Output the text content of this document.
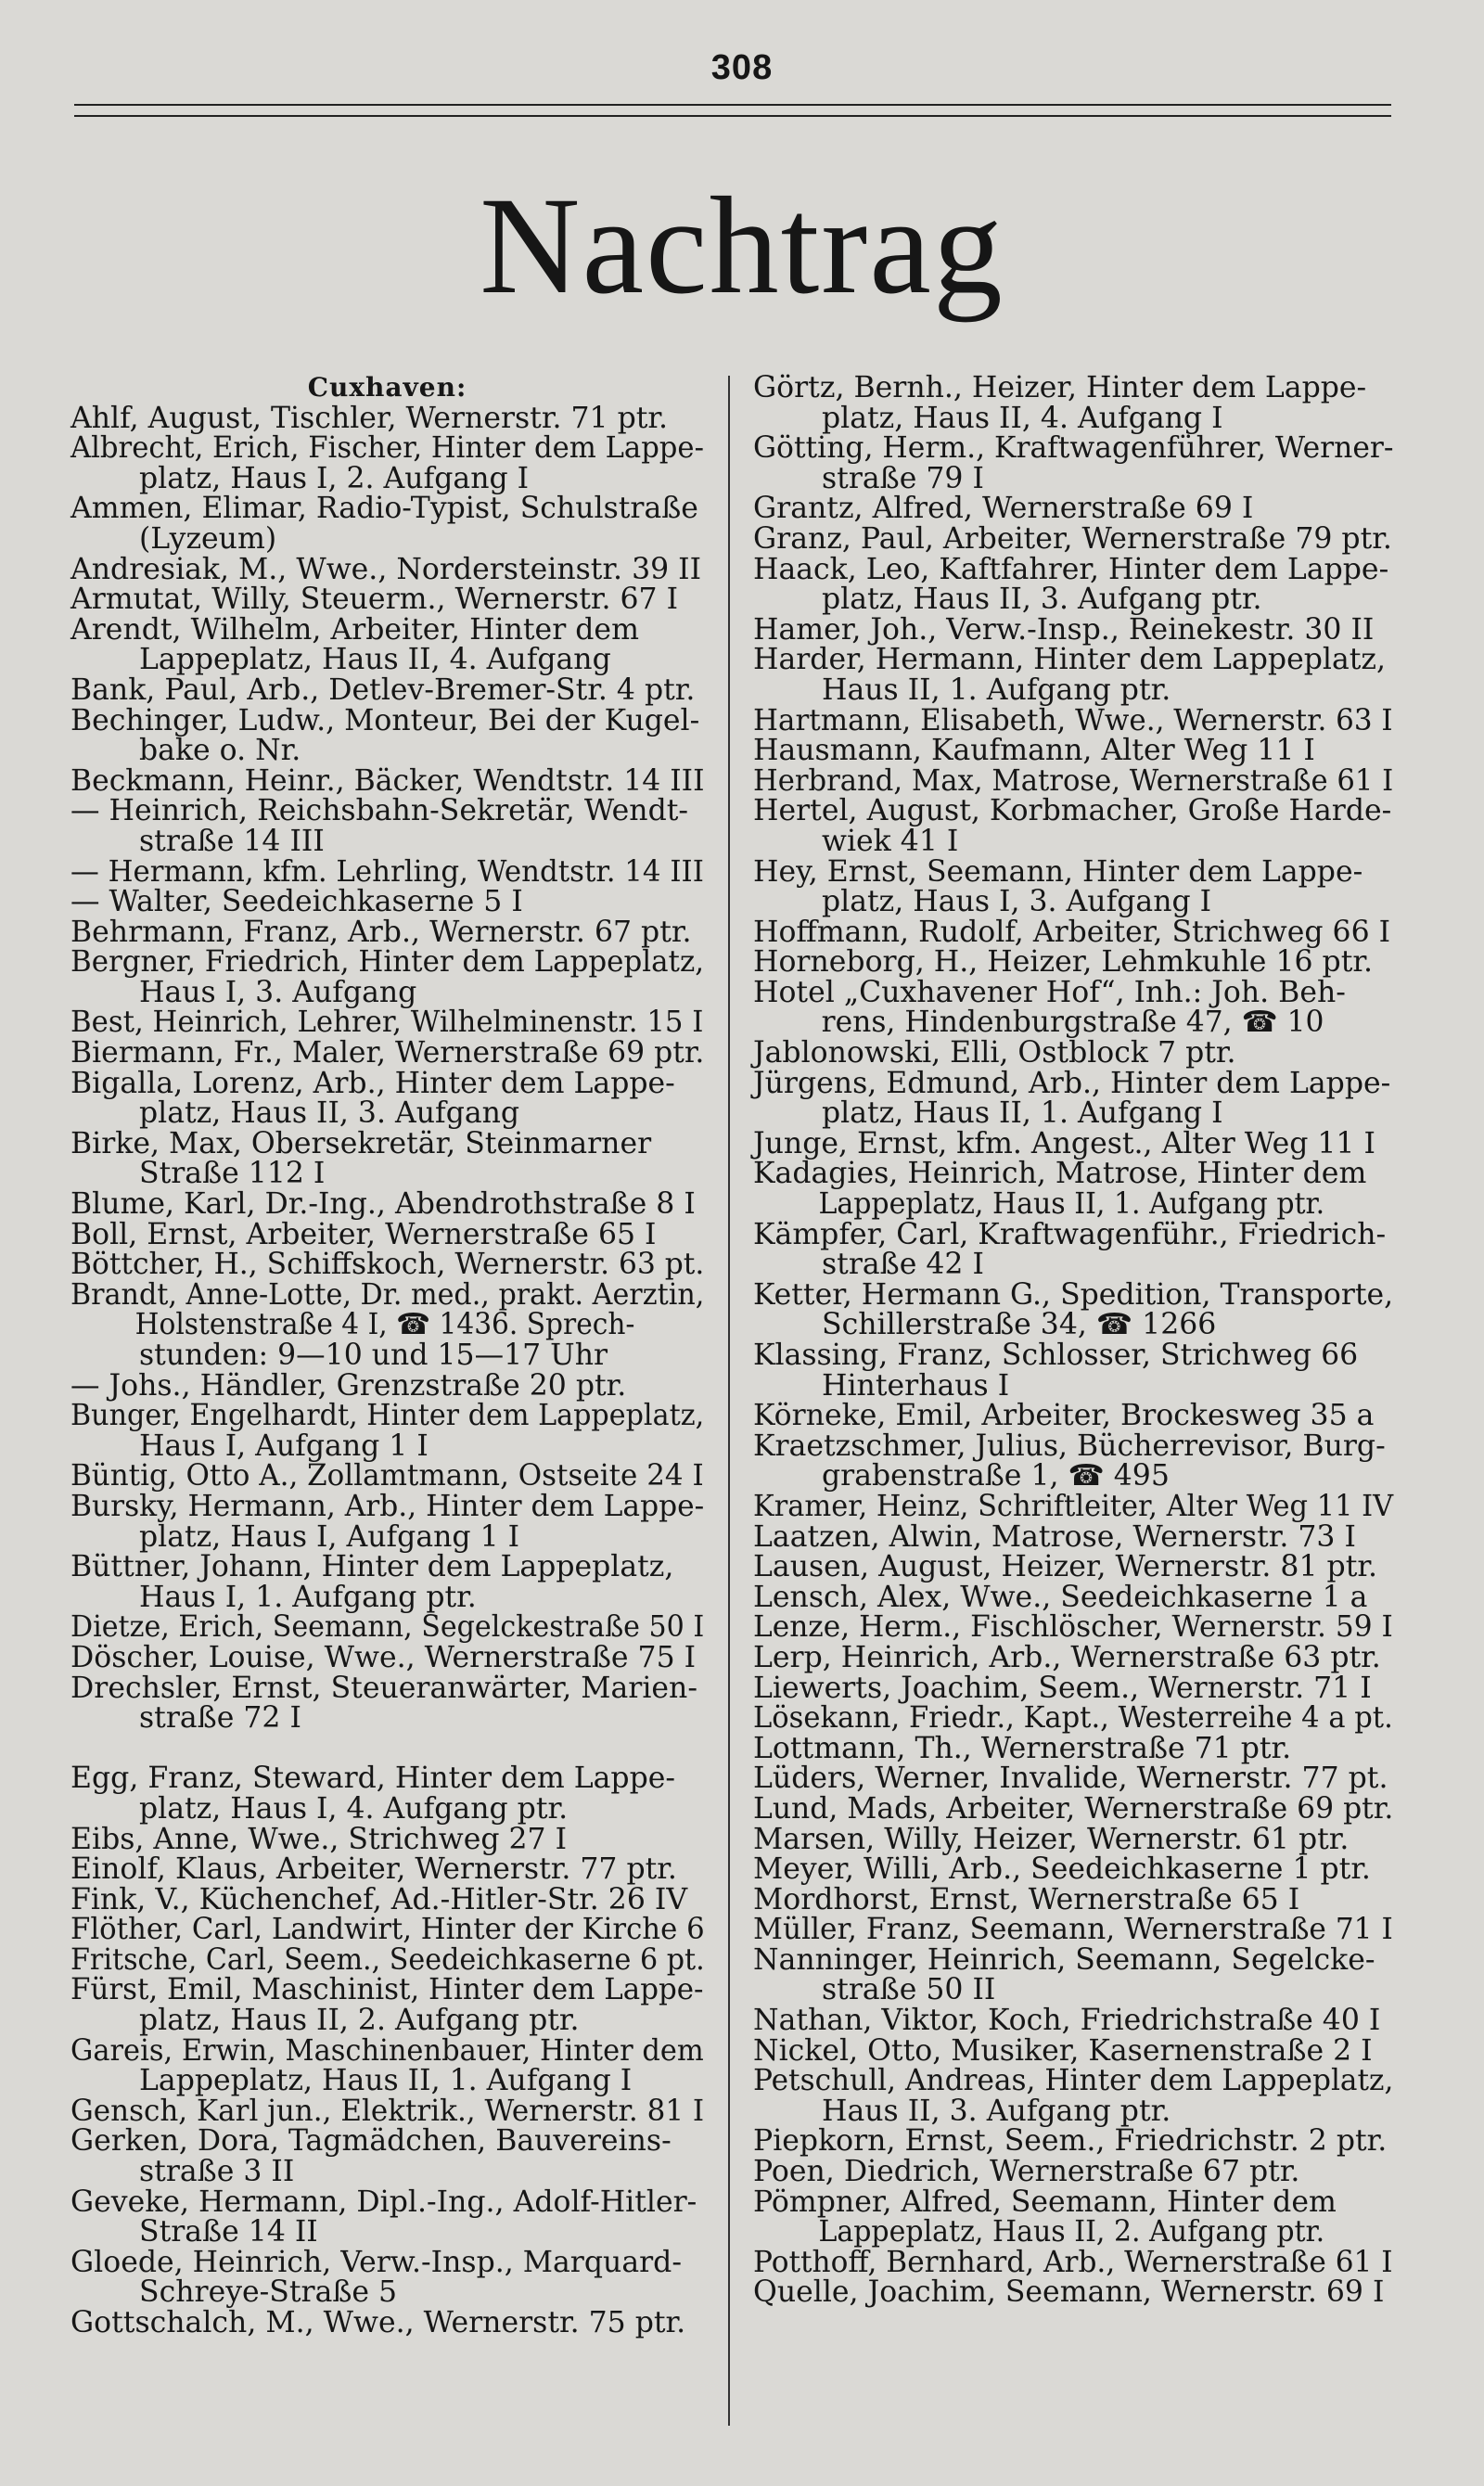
308
Nachtrag
Cuxhaven:
Ahlf, August, Tischler, Wernerstr. 71 ptr.
Albrecht, Erich, Fischer, Hinter dem Lappe-
platz, Haus I, 2. Aufgang I
Ammen, Elimar, Radio-Typist, Schulstraße
(Lyzeum)
Andresiak, M., Wwe., Nordersteinstr. 39 II
Armutat, Willy, Steuerm., Wernerstr. 67 I
Arendt, Wilhelm, Arbeiter, Hinter dem
Lappeplatz, Haus II, 4. Aufgang
Bank, Paul, Arb., Detlev-Bremer-Str. 4 ptr.
Bechinger, Ludw., Monteur, Bei der Kugel-
bake o. Nr.
Beckmann, Heinr., Bäcker, Wendtstr. 14 III
— Heinrich, Reichsbahn-Sekretär, Wendt-
straße 14 III
— Hermann, kfm. Lehrling, Wendtstr. 14 III
— Walter, Seedeichkaserne 5 I
Behrmann, Franz, Arb., Wernerstr. 67 ptr.
Bergner, Friedrich, Hinter dem Lappeplatz,
Haus I, 3. Aufgang
Best, Heinrich, Lehrer, Wilhelminenstr. 15 I
Biermann, Fr., Maler, Wernerstraße 69 ptr.
Bigalla, Lorenz, Arb., Hinter dem Lappe-
platz, Haus II, 3. Aufgang
Birke, Max, Obersekretär, Steinmarner
Straße 112 I
Blume, Karl, Dr.-Ing., Abendrothstraße 8 I
Boll, Ernst, Arbeiter, Wernerstraße 65 I
Böttcher, H., Schiffskoch, Wernerstr. 63 pt.
Brandt, Anne-Lotte, Dr. med., prakt. Aerztin,
Holstenstraße 4 I, ☎ 1436. Sprech-
stunden: 9—10 und 15—17 Uhr
— Johs., Händler, Grenzstraße 20 ptr.
Bunger, Engelhardt, Hinter dem Lappeplatz,
Haus I, Aufgang 1 I
Büntig, Otto A., Zollamtmann, Ostseite 24 I
Bursky, Hermann, Arb., Hinter dem Lappe-
platz, Haus I, Aufgang 1 I
Büttner, Johann, Hinter dem Lappeplatz,
Haus I, 1. Aufgang ptr.
Dietze, Erich, Seemann, Segelckestraße 50 I
Döscher, Louise, Wwe., Wernerstraße 75 I
Drechsler, Ernst, Steueranwärter, Marien-
straße 72 I
Egg, Franz, Steward, Hinter dem Lappe-
platz, Haus I, 4. Aufgang ptr.
Eibs, Anne, Wwe., Strichweg 27 I
Einolf, Klaus, Arbeiter, Wernerstr. 77 ptr.
Fink, V., Küchenchef, Ad.-Hitler-Str. 26 IV
Flöther, Carl, Landwirt, Hinter der Kirche 6
Fritsche, Carl, Seem., Seedeichkaserne 6 pt.
Fürst, Emil, Maschinist, Hinter dem Lappe-
platz, Haus II, 2. Aufgang ptr.
Gareis, Erwin, Maschinenbauer, Hinter dem
Lappeplatz, Haus II, 1. Aufgang I
Gensch, Karl jun., Elektrik., Wernerstr. 81 I
Gerken, Dora, Tagmädchen, Bauvereins-
straße 3 II
Geveke, Hermann, Dipl.-Ing., Adolf-Hitler-
Straße 14 II
Gloede, Heinrich, Verw.-Insp., Marquard-
Schreye-Straße 5
Gottschalch, M., Wwe., Wernerstr. 75 ptr.
Görtz, Bernh., Heizer, Hinter dem Lappe-
platz, Haus II, 4. Aufgang I
Götting, Herm., Kraftwagenführer, Werner-
straße 79 I
Grantz, Alfred, Wernerstraße 69 I
Granz, Paul, Arbeiter, Wernerstraße 79 ptr.
Haack, Leo, Kaftfahrer, Hinter dem Lappe-
platz, Haus II, 3. Aufgang ptr.
Hamer, Joh., Verw.-Insp., Reinekestr. 30 II
Harder, Hermann, Hinter dem Lappeplatz,
Haus II, 1. Aufgang ptr.
Hartmann, Elisabeth, Wwe., Wernerstr. 63 I
Hausmann, Kaufmann, Alter Weg 11 I
Herbrand, Max, Matrose, Wernerstraße 61 I
Hertel, August, Korbmacher, Große Harde-
wiek 41 I
Hey, Ernst, Seemann, Hinter dem Lappe-
platz, Haus I, 3. Aufgang I
Hoffmann, Rudolf, Arbeiter, Strichweg 66 I
Horneborg, H., Heizer, Lehmkuhle 16 ptr.
Hotel „Cuxhavener Hof“, Inh.: Joh. Beh-
rens, Hindenburgstraße 47, ☎ 10
Jablonowski, Elli, Ostblock 7 ptr.
Jürgens, Edmund, Arb., Hinter dem Lappe-
platz, Haus II, 1. Aufgang I
Junge, Ernst, kfm. Angest., Alter Weg 11 I
Kadagies, Heinrich, Matrose, Hinter dem
Lappeplatz, Haus II, 1. Aufgang ptr.
Kämpfer, Carl, Kraftwagenführ., Friedrich-
straße 42 I
Ketter, Hermann G., Spedition, Transporte,
Schillerstraße 34, ☎ 1266
Klassing, Franz, Schlosser, Strichweg 66
Hinterhaus I
Körneke, Emil, Arbeiter, Brockesweg 35 a
Kraetzschmer, Julius, Bücherrevisor, Burg-
grabenstraße 1, ☎ 495
Kramer, Heinz, Schriftleiter, Alter Weg 11 IV
Laatzen, Alwin, Matrose, Wernerstr. 73 I
Lausen, August, Heizer, Wernerstr. 81 ptr.
Lensch, Alex, Wwe., Seedeichkaserne 1 a
Lenze, Herm., Fischlöscher, Wernerstr. 59 I
Lerp, Heinrich, Arb., Wernerstraße 63 ptr.
Liewerts, Joachim, Seem., Wernerstr. 71 I
Lösekann, Friedr., Kapt., Westerreihe 4 a pt.
Lottmann, Th., Wernerstraße 71 ptr.
Lüders, Werner, Invalide, Wernerstr. 77 pt.
Lund, Mads, Arbeiter, Wernerstraße 69 ptr.
Marsen, Willy, Heizer, Wernerstr. 61 ptr.
Meyer, Willi, Arb., Seedeichkaserne 1 ptr.
Mordhorst, Ernst, Wernerstraße 65 I
Müller, Franz, Seemann, Wernerstraße 71 I
Nanninger, Heinrich, Seemann, Segelcke-
straße 50 II
Nathan, Viktor, Koch, Friedrichstraße 40 I
Nickel, Otto, Musiker, Kasernenstraße 2 I
Petschull, Andreas, Hinter dem Lappeplatz,
Haus II, 3. Aufgang ptr.
Piepkorn, Ernst, Seem., Friedrichstr. 2 ptr.
Poen, Diedrich, Wernerstraße 67 ptr.
Pömpner, Alfred, Seemann, Hinter dem
Lappeplatz, Haus II, 2. Aufgang ptr.
Potthoff, Bernhard, Arb., Wernerstraße 61 I
Quelle, Joachim, Seemann, Wernerstr. 69 I
